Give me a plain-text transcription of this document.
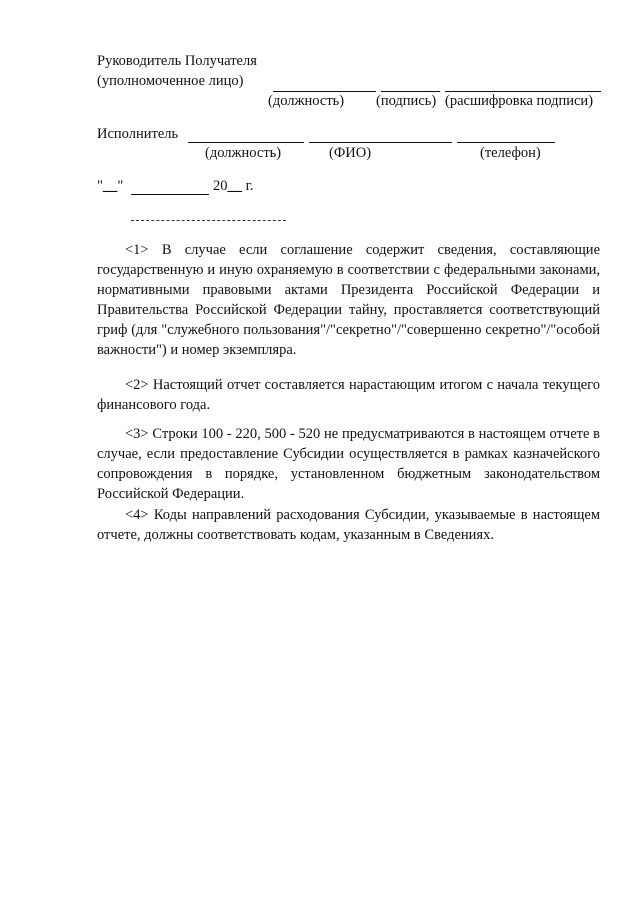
Руководитель Получателя
(уполномоченное лицо)
(должность) (подпись) (расшифровка подписи)
Исполнитель
(должность)	(ФИО)	(телефон)
"__"	20__ г.
<1> В случае если соглашение содержит сведения, составляющие государственную и иную охраняемую в соответствии с федеральными законами, нормативными правовыми актами Президента Российской Федерации и Правительства Российской Федерации тайну, проставляется соответствующий гриф (для "служебного пользования"/"секретно"/"совершенно секретно"/"особой важности") и номер экземпляра.
<2> Настоящий отчет составляется нарастающим итогом с начала текущего финансового года.
<3> Строки 100 - 220, 500 - 520 не предусматриваются в настоящем отчете в случае, если предоставление Субсидии осуществляется в рамках казначейского сопровождения в порядке, установленном бюджетным законодательством Российской Федерации.
<4> Коды направлений расходования Субсидии, указываемые в настоящем отчете, должны соответствовать кодам, указанным в Сведениях.
